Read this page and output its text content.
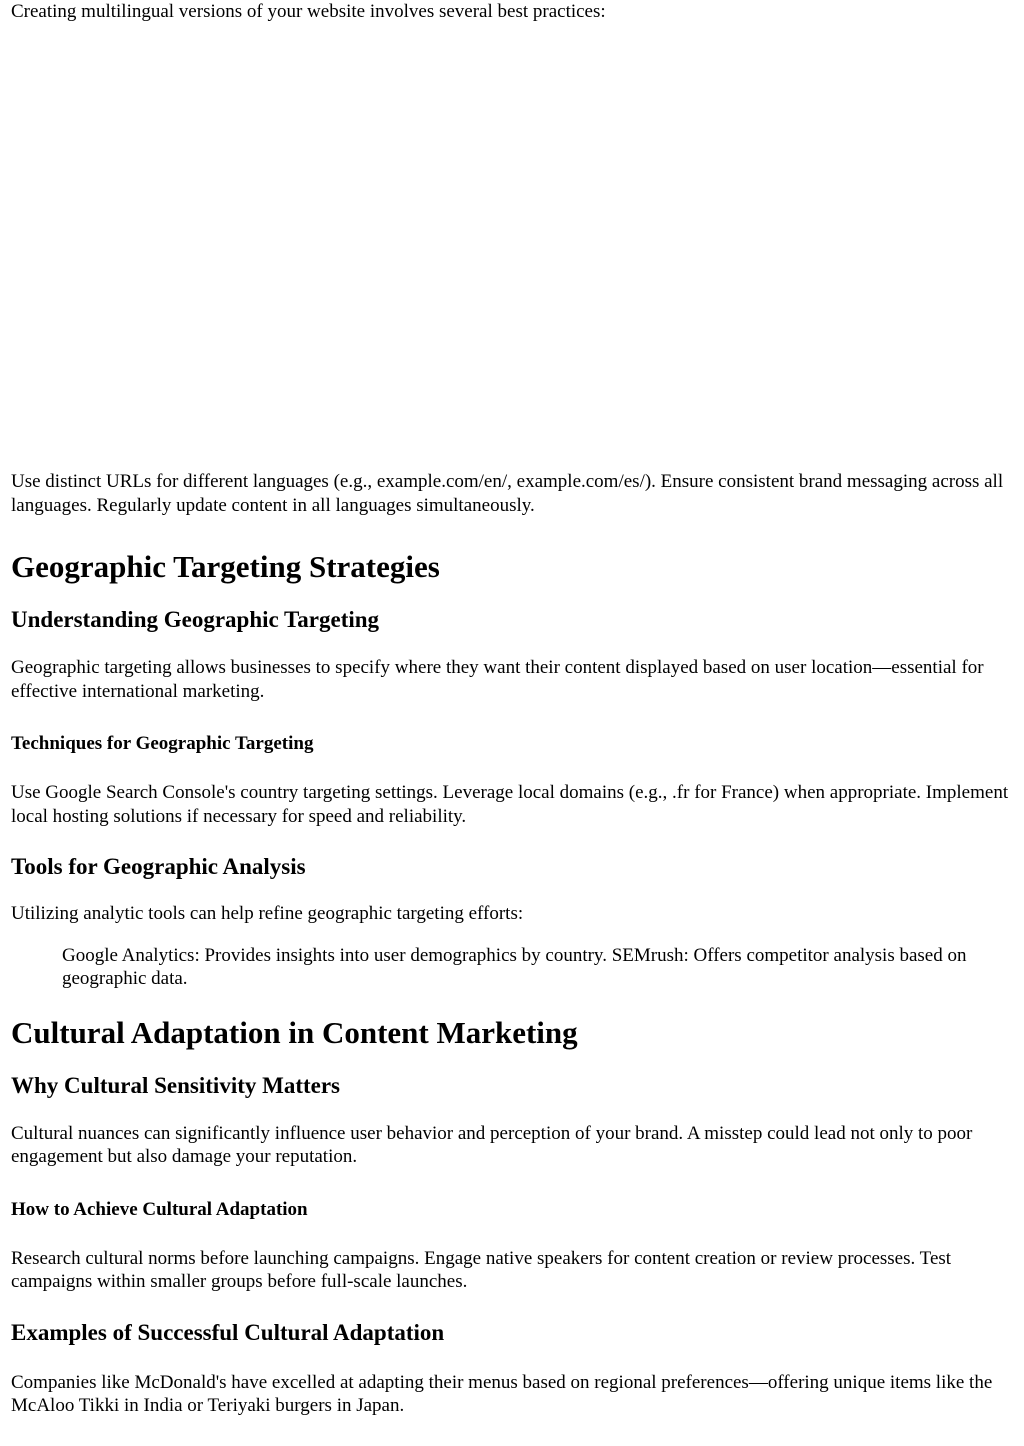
Creating multilingual versions of your website involves several best practices:

Use distinct URLs for different languages (e.g., example.com/en/, example.com/es/). Ensure consistent brand messaging across all languages. Regularly update content in all languages simultaneously.

Geographic Targeting Strategies
Understanding Geographic Targeting

Geographic targeting allows businesses to specify where they want their content displayed based on user location—essential for effective international marketing.

Techniques for Geographic Targeting

Use Google Search Console's country targeting settings. Leverage local domains (e.g., .fr for France) when appropriate. Implement local hosting solutions if necessary for speed and reliability.

Tools for Geographic Analysis

Utilizing analytic tools can help refine geographic targeting efforts:

Google Analytics: Provides insights into user demographics by country. SEMrush: Offers competitor analysis based on geographic data.

Cultural Adaptation in Content Marketing
Why Cultural Sensitivity Matters

Cultural nuances can significantly influence user behavior and perception of your brand. A misstep could lead not only to poor engagement but also damage your reputation.

How to Achieve Cultural Adaptation

Research cultural norms before launching campaigns. Engage native speakers for content creation or review processes. Test campaigns within smaller groups before full-scale launches.

Examples of Successful Cultural Adaptation

Companies like McDonald's have excelled at adapting their menus based on regional preferences—offering unique items like the McAloo Tikki in India or Teriyaki burgers in Japan.
